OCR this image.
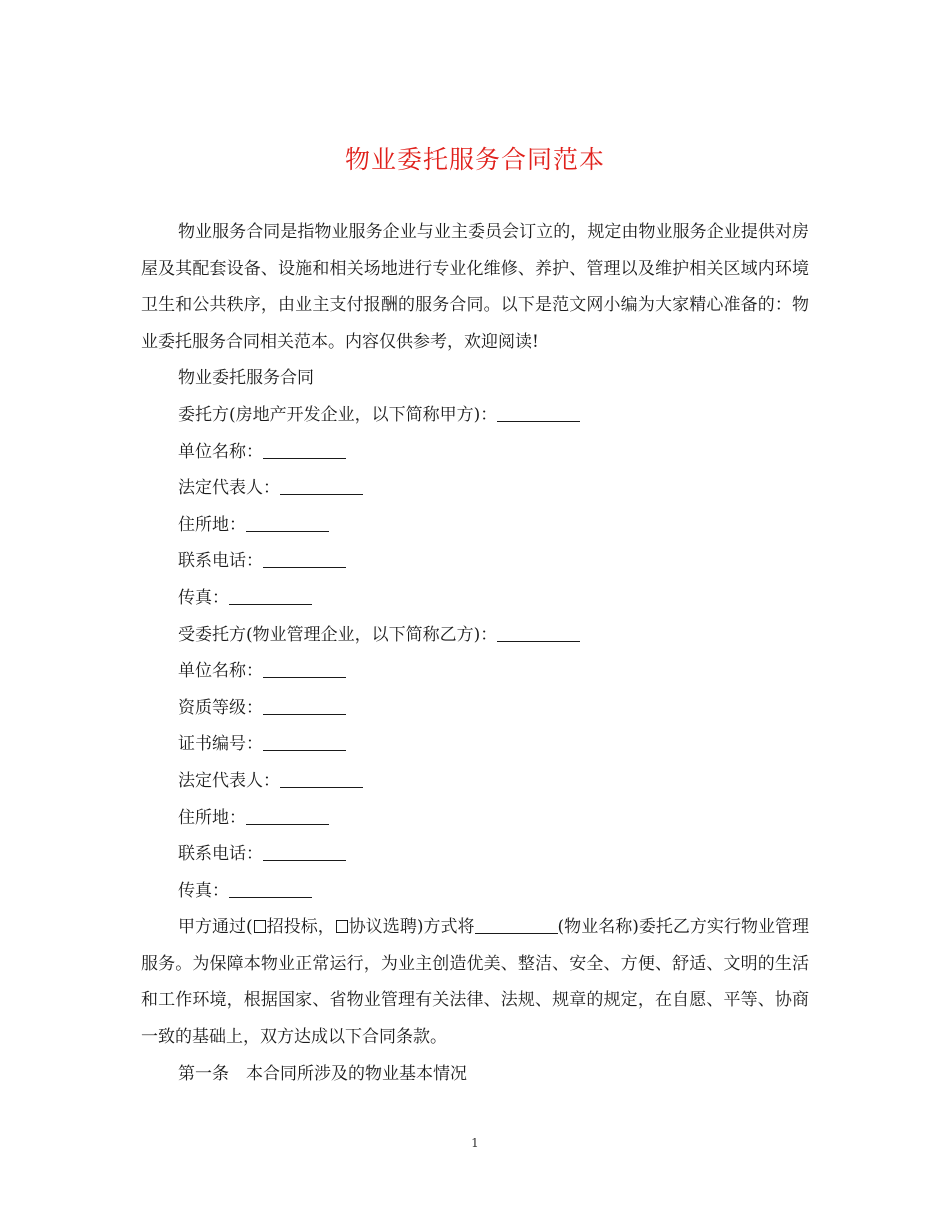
物业委托服务合同范本

物业服务合同是指物业服务企业与业主委员会订立的，规定由物业服务企业提供对房屋及其配套设备、设施和相关场地进行专业化维修、养护、管理以及维护相关区域内环境卫生和公共秩序，由业主支付报酬的服务合同。以下是范文网小编为大家精心准备的：物业委托服务合同相关范本。内容仅供参考，欢迎阅读!

物业委托服务合同

委托方(房地产开发企业，以下简称甲方)：

单位名称：

法定代表人：

住所地：

联系电话：

传真：

受委托方(物业管理企业，以下简称乙方)：

单位名称：

资质等级：

证书编号：

法定代表人：

住所地：

联系电话：

传真：

甲方通过( 招投标， 协议选聘)方式将	(物业名称)委托乙方实行物业管理服务。为保障本物业正常运行，为业主创造优美、整洁、安全、方便、舒适、文明的生活和工作环境，根据国家、省物业管理有关法律、法规、规章的规定，在自愿、平等、协商一致的基础上，双方达成以下合同条款。

第一条　本合同所涉及的物业基本情况

1
